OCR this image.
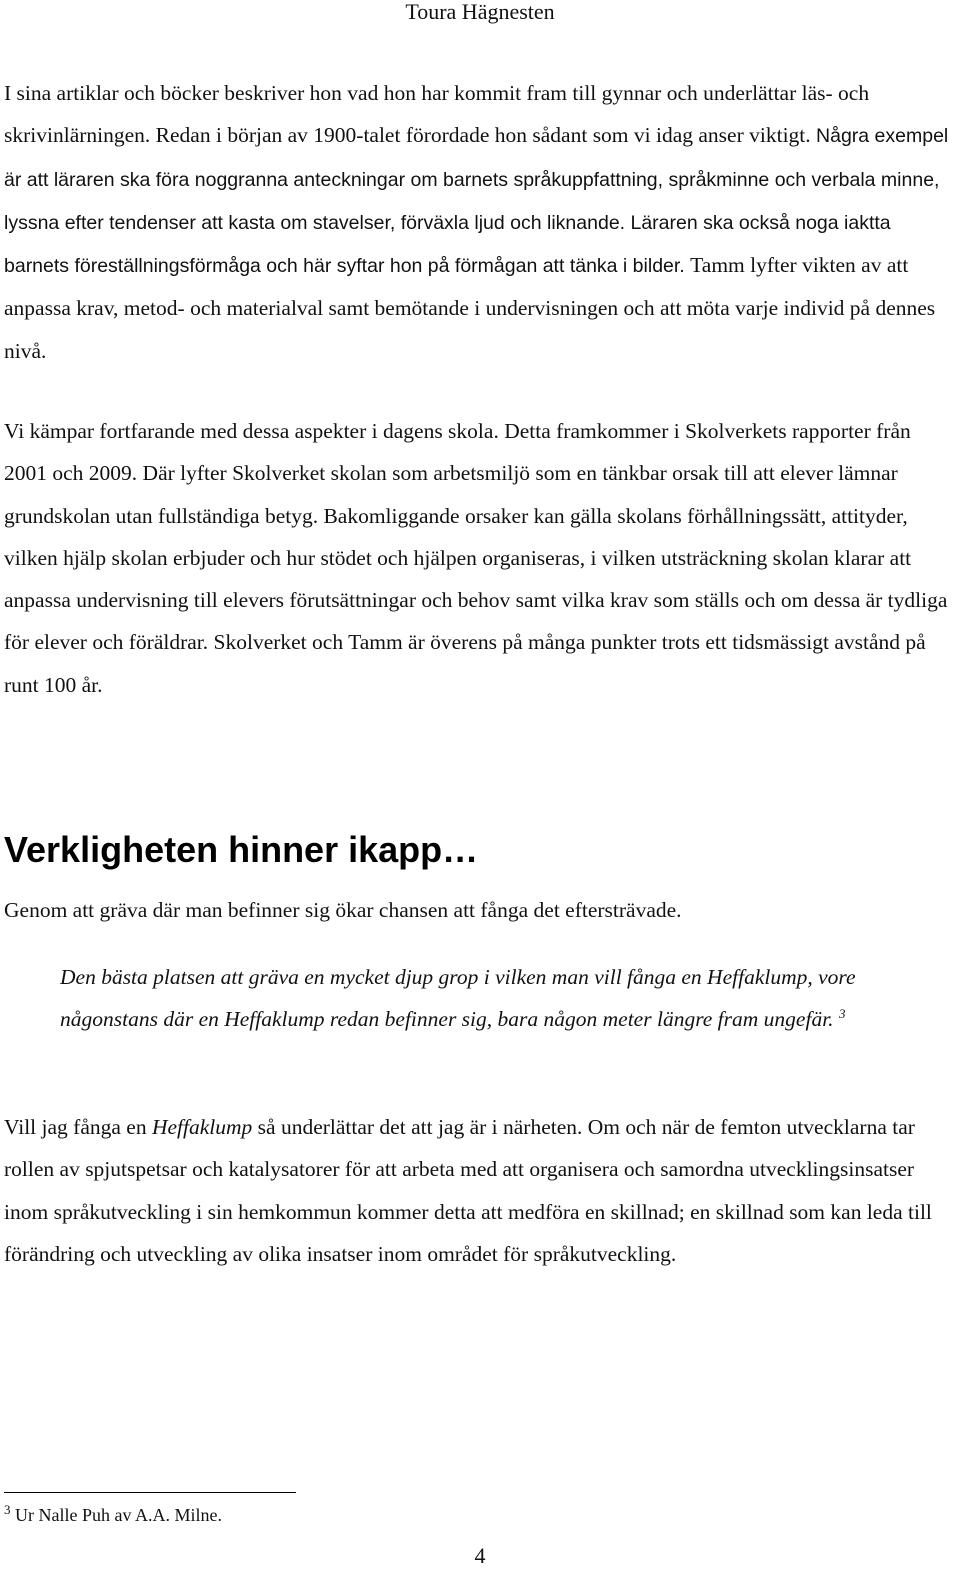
Toura Hägnesten
I sina artiklar och böcker beskriver hon vad hon har kommit fram till gynnar och underlättar läs- och skrivinlärningen. Redan i början av 1900-talet förordade hon sådant som vi idag anser viktigt. Några exempel är att läraren ska föra noggranna anteckningar om barnets språkuppfattning, språkminne och verbala minne, lyssna efter tendenser att kasta om stavelser, förväxla ljud och liknande. Läraren ska också noga iaktta barnets föreställningsförmåga och här syftar hon på förmågan att tänka i bilder. Tamm lyfter vikten av att anpassa krav, metod- och materialval samt bemötande i undervisningen och att möta varje individ på dennes nivå.
Vi kämpar fortfarande med dessa aspekter i dagens skola. Detta framkommer i Skolverkets rapporter från 2001 och 2009. Där lyfter Skolverket skolan som arbetsmiljö som en tänkbar orsak till att elever lämnar grundskolan utan fullständiga betyg. Bakomliggande orsaker kan gälla skolans förhållningssätt, attityder, vilken hjälp skolan erbjuder och hur stödet och hjälpen organiseras, i vilken utsträckning skolan klarar att anpassa undervisning till elevers förutsättningar och behov samt vilka krav som ställs och om dessa är tydliga för elever och föräldrar. Skolverket och Tamm är överens på många punkter trots ett tidsmässigt avstånd på runt 100 år.
Verkligheten hinner ikapp…
Genom att gräva där man befinner sig ökar chansen att fånga det eftersträvade.
Den bästa platsen att gräva en mycket djup grop i vilken man vill fånga en Heffaklump, vore någonstans där en Heffaklump redan befinner sig, bara någon meter längre fram ungefär. $^3$
Vill jag fånga en Heffaklump så underlättar det att jag är i närheten. Om och när de femton utvecklarna tar rollen av spjutspetsar och katalysatorer för att arbeta med att organisera och samordna utvecklingsinsatser inom språkutveckling i sin hemkommun kommer detta att medföra en skillnad; en skillnad som kan leda till förändring och utveckling av olika insatser inom området för språkutveckling.
$^3$ Ur Nalle Puh av A.A. Milne.
4
